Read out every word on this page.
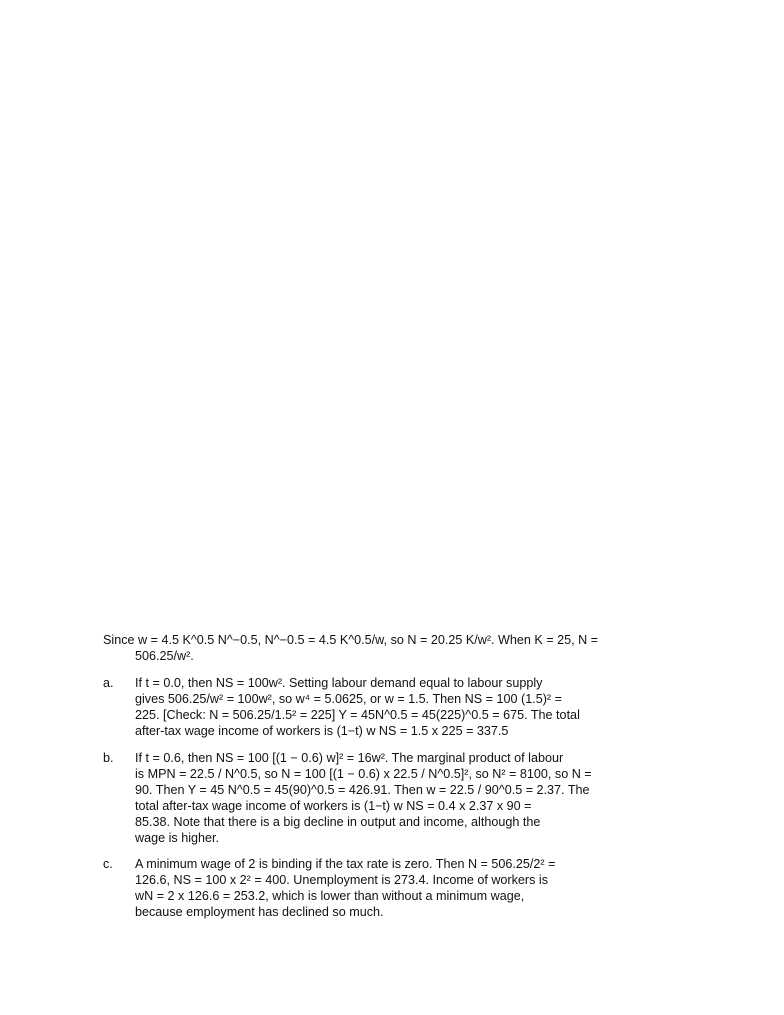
Since w = 4.5 K^0.5 N^−0.5, N^−0.5 = 4.5 K^0.5/w, so N = 20.25 K/w². When K = 25, N =
506.25/w².
a. If t = 0.0, then NS = 100w². Setting labour demand equal to labour supply
gives 506.25/w² = 100w², so w⁴ = 5.0625, or w = 1.5. Then NS = 100 (1.5)² =
225. [Check: N = 506.25/1.5² = 225] Y = 45N^0.5 = 45(225)^0.5 = 675. The total
after-tax wage income of workers is (1−t) w NS = 1.5 x 225 = 337.5
b. If t = 0.6, then NS = 100 [(1 − 0.6) w]² = 16w². The marginal product of labour
is MPN = 22.5 / N^0.5, so N = 100 [(1 − 0.6) x 22.5 / N^0.5]², so N² = 8100, so N =
90. Then Y = 45 N^0.5 = 45(90)^0.5 = 426.91. Then w = 22.5 / 90^0.5 = 2.37. The
total after-tax wage income of workers is (1−t) w NS = 0.4 x 2.37 x 90 =
85.38. Note that there is a big decline in output and income, although the
wage is higher.
c. A minimum wage of 2 is binding if the tax rate is zero. Then N = 506.25/2² =
126.6, NS = 100 x 2² = 400. Unemployment is 273.4. Income of workers is
wN = 2 x 126.6 = 253.2, which is lower than without a minimum wage,
because employment has declined so much.
